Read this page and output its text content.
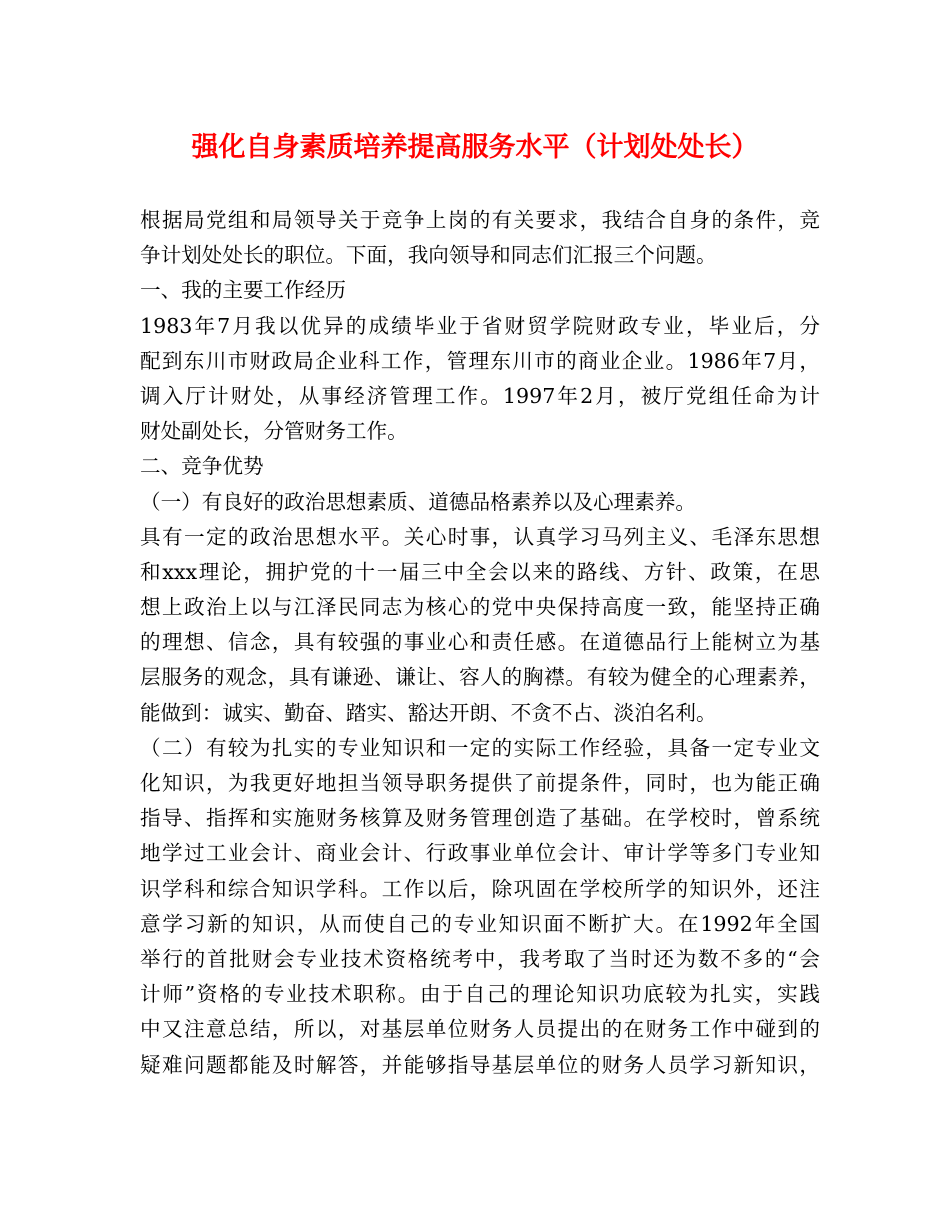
强化自身素质培养提高服务水平（计划处处长）
根据局党组和局领导关于竞争上岗的有关要求，我结合自身的条件，竞
争计划处处长的职位。下面，我向领导和同志们汇报三个问题。
一、我的主要工作经历
1983年7月我以优异的成绩毕业于省财贸学院财政专业，毕业后，分
配到东川市财政局企业科工作，管理东川市的商业企业。1986年7月，
调入厅计财处，从事经济管理工作。1997年2月，被厅党组任命为计
财处副处长，分管财务工作。
二、竞争优势
（一）有良好的政治思想素质、道德品格素养以及心理素养。
具有一定的政治思想水平。关心时事，认真学习马列主义、毛泽东思想
和xxx理论，拥护党的十一届三中全会以来的路线、方针、政策，在思
想上政治上以与江泽民同志为核心的党中央保持高度一致，能坚持正确
的理想、信念，具有较强的事业心和责任感。在道德品行上能树立为基
层服务的观念，具有谦逊、谦让、容人的胸襟。有较为健全的心理素养，
能做到：诚实、勤奋、踏实、豁达开朗、不贪不占、淡泊名利。
（二）有较为扎实的专业知识和一定的实际工作经验，具备一定专业文
化知识，为我更好地担当领导职务提供了前提条件，同时，也为能正确
指导、指挥和实施财务核算及财务管理创造了基础。在学校时，曾系统
地学过工业会计、商业会计、行政事业单位会计、审计学等多门专业知
识学科和综合知识学科。工作以后，除巩固在学校所学的知识外，还注
意学习新的知识，从而使自己的专业知识面不断扩大。在1992年全国
举行的首批财会专业技术资格统考中，我考取了当时还为数不多的“会
计师”资格的专业技术职称。由于自己的理论知识功底较为扎实，实践
中又注意总结，所以，对基层单位财务人员提出的在财务工作中碰到的
疑难问题都能及时解答，并能够指导基层单位的财务人员学习新知识，
